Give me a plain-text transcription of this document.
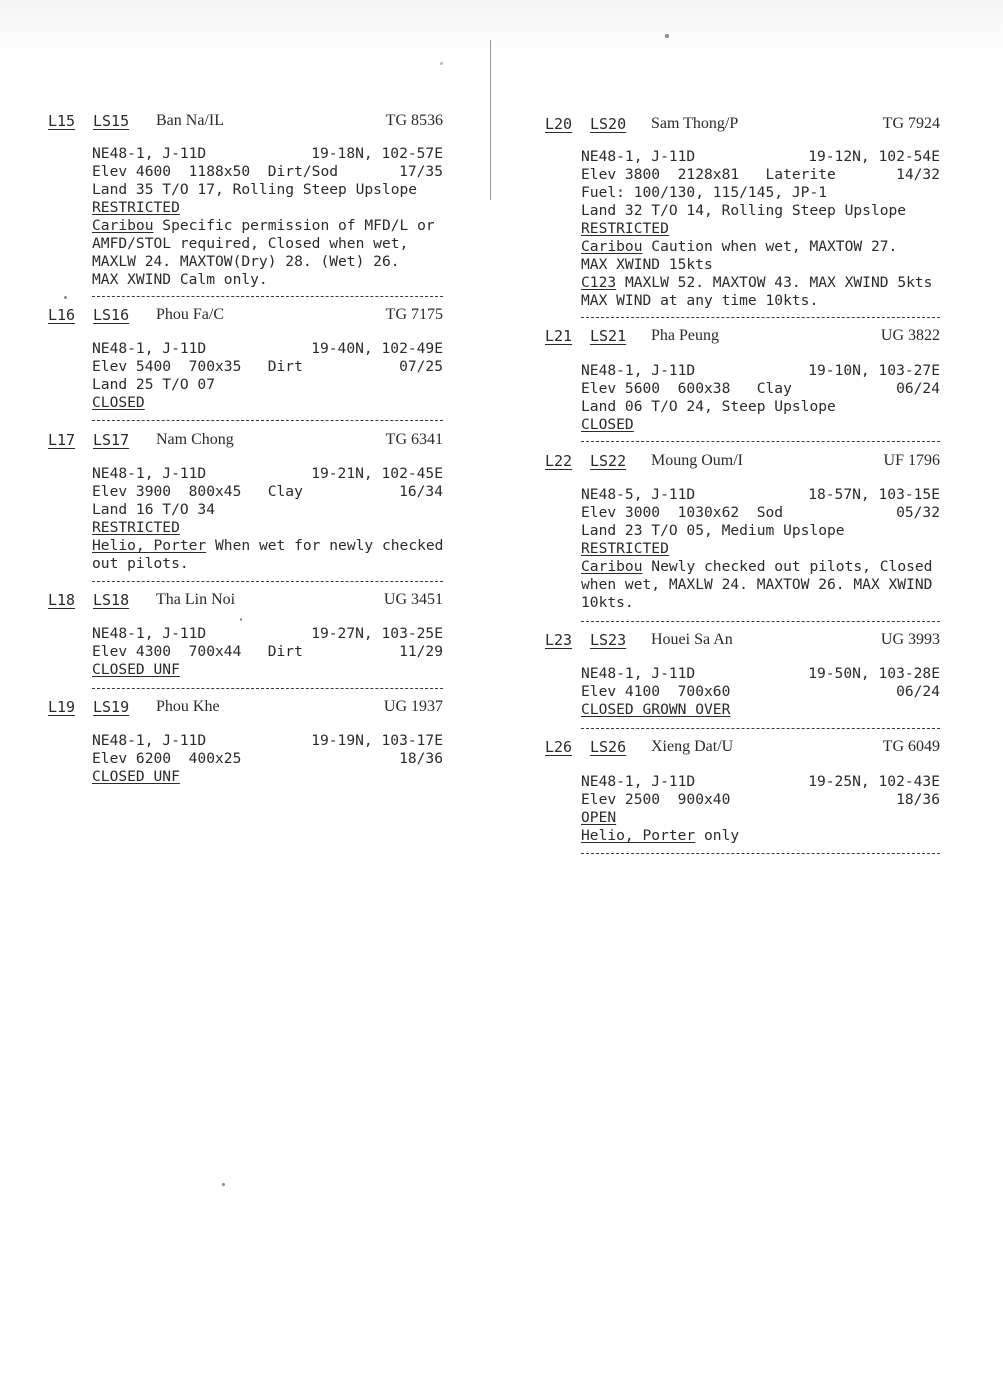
L15 LS15 Ban Na/IL	TG 8536
NE48-1, J-11D	19-18N, 102-57E
Elev 4600  1188x50  Dirt/Sod	17/35
Land 35 T/O 17, Rolling Steep Upslope
RESTRICTED
Caribou Specific permission of MFD/L or
AMFD/STOL required, Closed when wet,
MAXLW 24. MAXTOW(Dry) 28. (Wet) 26.
MAX XWIND Calm only.
L16 LS16 Phou Fa/C	TG 7175
NE48-1, J-11D	19-40N, 102-49E
Elev 5400  700x35   Dirt	07/25
Land 25 T/O 07
CLOSED
L17 LS17 Nam Chong	TG 6341
NE48-1, J-11D	19-21N, 102-45E
Elev 3900  800x45   Clay	16/34
Land 16 T/O 34
RESTRICTED
Helio, Porter When wet for newly checked
out pilots.
L18 LS18 Tha Lin Noi	UG 3451
NE48-1, J-11D	19-27N, 103-25E
Elev 4300  700x44   Dirt	11/29
CLOSED UNF
L19 LS19 Phou Khe	UG 1937
NE48-1, J-11D	19-19N, 103-17E
Elev 6200  400x25	18/36
CLOSED UNF
L20 LS20 Sam Thong/P	TG 7924
NE48-1, J-11D	19-12N, 102-54E
Elev 3800  2128x81   Laterite	14/32
Fuel: 100/130, 115/145, JP-1
Land 32 T/O 14, Rolling Steep Upslope
RESTRICTED
Caribou Caution when wet, MAXTOW 27.
MAX XWIND 15kts
C123 MAXLW 52. MAXTOW 43. MAX XWIND 5kts
MAX WIND at any time 10kts.
L21 LS21 Pha Peung	UG 3822
NE48-1, J-11D	19-10N, 103-27E
Elev 5600  600x38   Clay	06/24
Land 06 T/O 24, Steep Upslope
CLOSED
L22 LS22 Moung Oum/I	UF 1796
NE48-5, J-11D	18-57N, 103-15E
Elev 3000  1030x62  Sod	05/32
Land 23 T/O 05, Medium Upslope
RESTRICTED
Caribou Newly checked out pilots, Closed
when wet, MAXLW 24. MAXTOW 26. MAX XWIND
10kts.
L23 LS23 Houei Sa An	UG 3993
NE48-1, J-11D	19-50N, 103-28E
Elev 4100  700x60	06/24
CLOSED GROWN OVER
L26 LS26 Xieng Dat/U	TG 6049
NE48-1, J-11D	19-25N, 102-43E
Elev 2500  900x40	18/36
OPEN
Helio, Porter only
